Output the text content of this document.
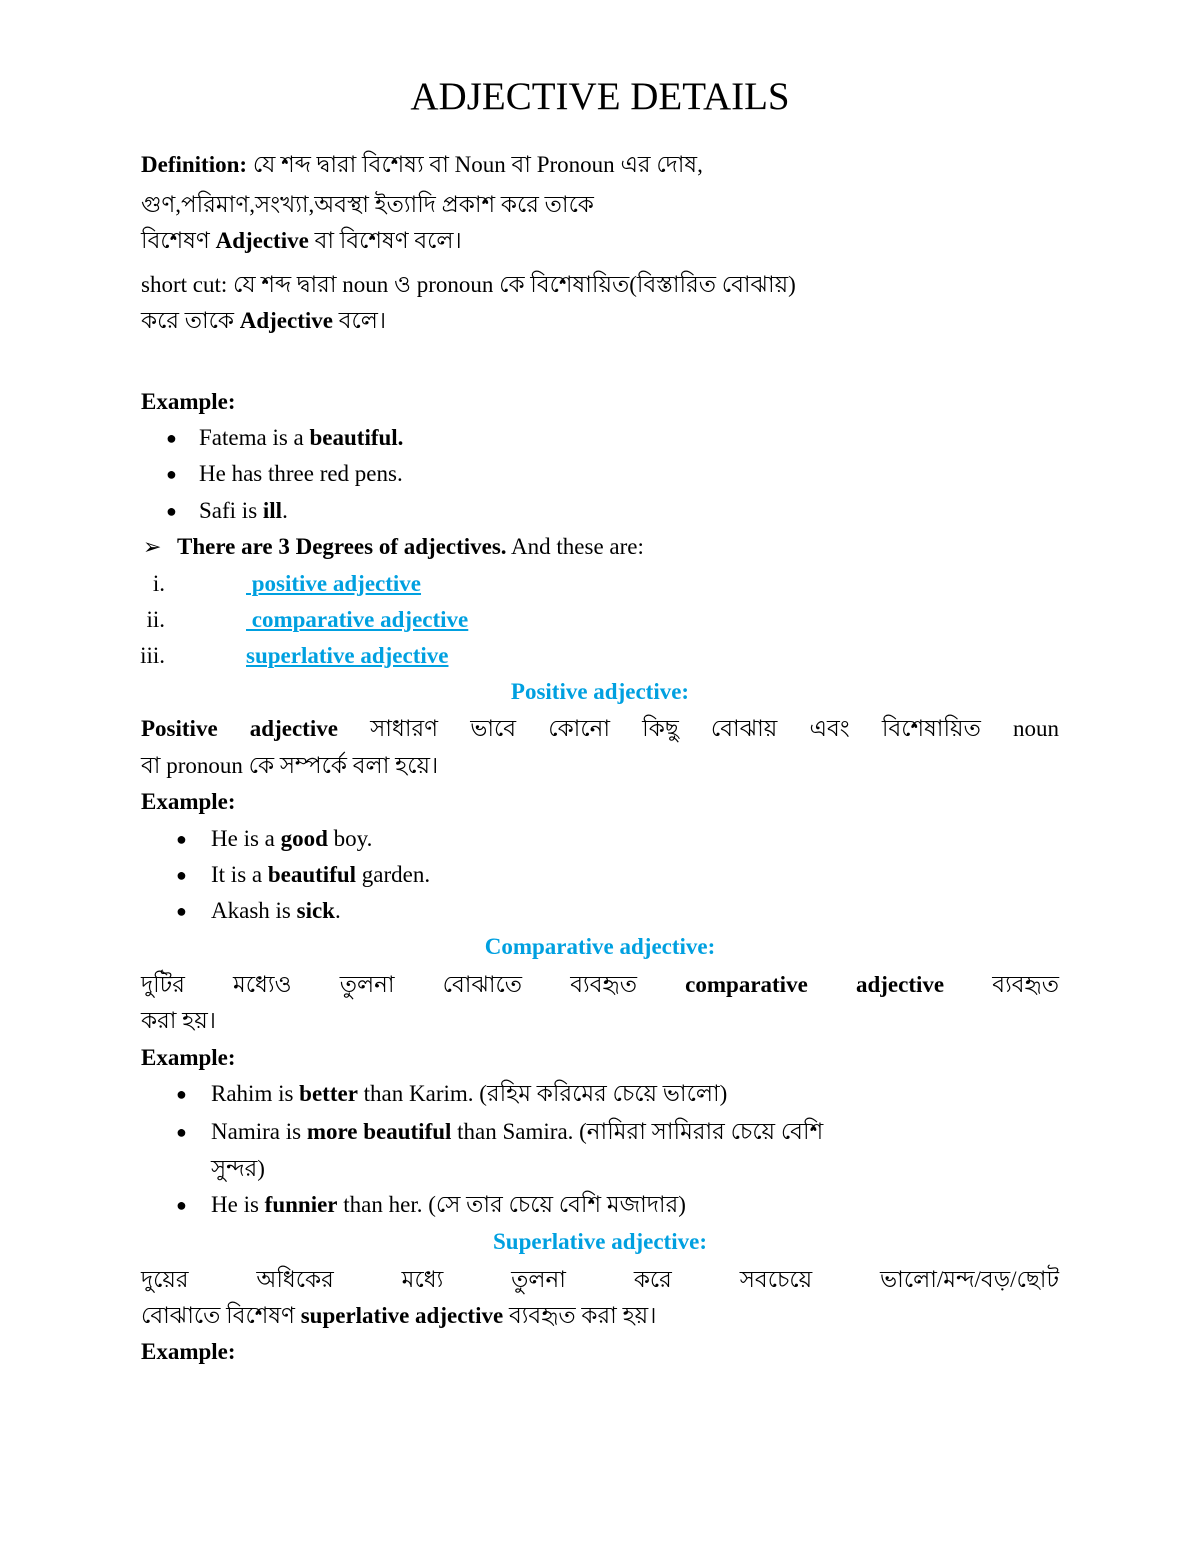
ADJECTIVE DETAILS
Definition: যে শব্দ দ্বারা বিশেষ্য বা Noun বা Pronoun এর দোষ,
গুণ,পরিমাণ,সংখ্যা,অবস্থা ইত্যাদি প্রকাশ করে তাকে
বিশেষণ Adjective বা বিশেষণ বলে।
short cut: যে শব্দ দ্বারা noun ও pronoun কে বিশেষায়িত(বিস্তারিত বোঝায়)
করে তাকে Adjective বলে।
Example:
● Fatema is a beautiful.
● He has three red pens.
● Safi is ill.
➢ There are 3 Degrees of adjectives. And these are:
i.	positive adjective
ii.	comparative adjective
iii.	superlative adjective
Positive adjective:
Positive adjective সাধারণ ভাবে কোনো কিছু বোঝায় এবং বিশেষায়িত noun
বা pronoun কে সম্পর্কে বলা হয়ে।
Example:
● He is a good boy.
● It is a beautiful garden.
● Akash is sick.
Comparative adjective:
দুটির মধ্যেও তুলনা বোঝাতে ব্যবহৃত comparative adjective ব্যবহৃত
করা হয়।
Example:
● Rahim is better than Karim. (রহিম করিমের চেয়ে ভালো)
● Namira is more beautiful than Samira. (নামিরা সামিরার চেয়ে বেশি
সুন্দর)
● He is funnier than her. (সে তার চেয়ে বেশি মজাদার)
Superlative adjective:
দুয়ের অধিকের মধ্যে তুলনা করে সবচেয়ে ভালো/মন্দ/বড়/ছোট
বোঝাতে বিশেষণ superlative adjective ব্যবহৃত করা হয়।
Example:
